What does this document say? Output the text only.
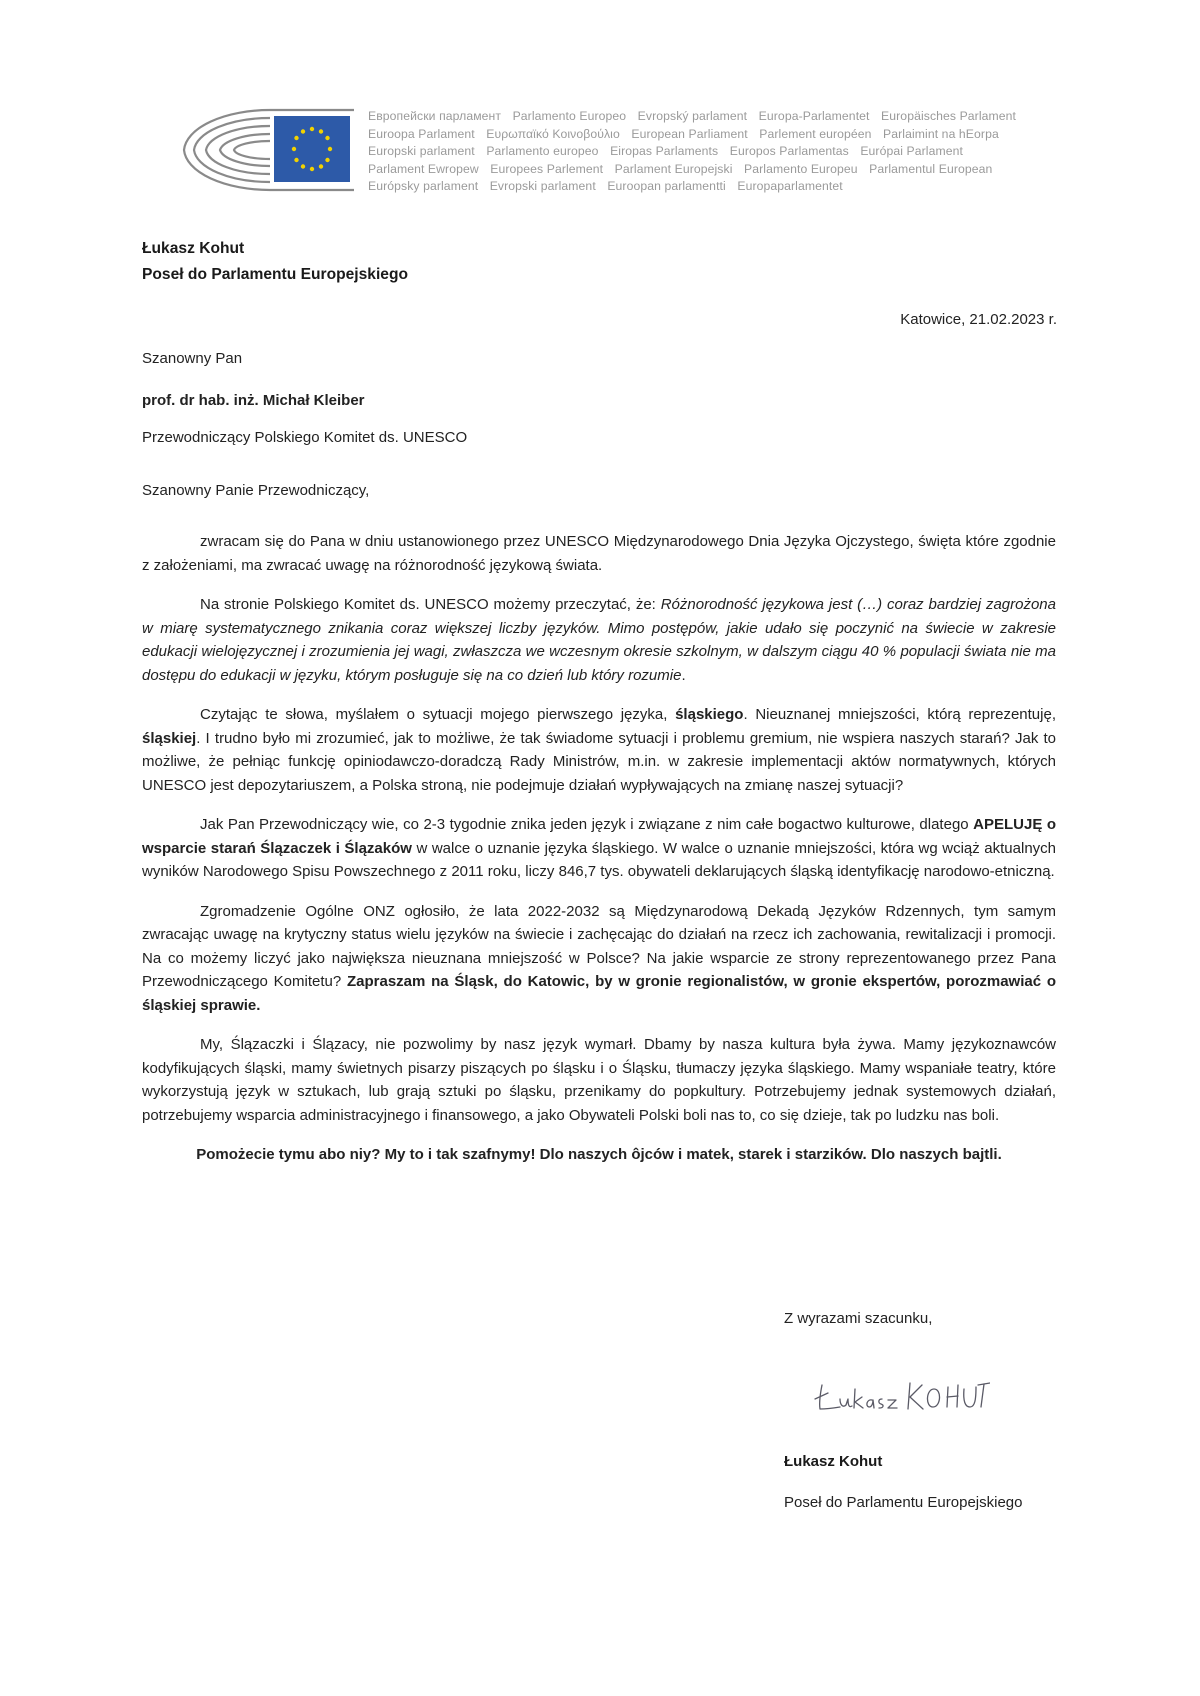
Европейски парламент Parlamento Europeo Evropský parlament Europa-Parlamentet Europäisches Parlament
Euroopa Parlament Ευρωπαϊκό Κοινοβούλιο European Parliament Parlement européen Parlaimint na hEorpa
Europski parlament Parlamento europeo Eiropas Parlaments Europos Parlamentas Európai Parlament
Parlament Ewropew Europees Parlement Parlament Europejski Parlamento Europeu Parlamentul European
Európsky parlament Evropski parlament Euroopan parlamentti Europaparlamentet
Łukasz Kohut
Poseł do Parlamentu Europejskiego
Katowice, 21.02.2023 r.

Szanowny Pan

prof. dr hab. inż. Michał Kleiber

Przewodniczący Polskiego Komitet ds. UNESCO

Szanowny Panie Przewodniczący,

zwracam się do Pana w dniu ustanowionego przez UNESCO Międzynarodowego Dnia Języka Ojczystego, święta które zgodnie z założeniami, ma zwracać uwagę na różnorodność językową świata.

Na stronie Polskiego Komitet ds. UNESCO możemy przeczytać, że: Różnorodność językowa jest (…) coraz bardziej zagrożona w miarę systematycznego znikania coraz większej liczby języków. Mimo postępów, jakie udało się poczynić na świecie w zakresie edukacji wielojęzycznej i zrozumienia jej wagi, zwłaszcza we wczesnym okresie szkolnym, w dalszym ciągu 40 % populacji świata nie ma dostępu do edukacji w języku, którym posługuje się na co dzień lub który rozumie.

Czytając te słowa, myślałem o sytuacji mojego pierwszego języka, śląskiego. Nieuznanej mniejszości, którą reprezentuję, śląskiej. I trudno było mi zrozumieć, jak to możliwe, że tak świadome sytuacji i problemu gremium, nie wspiera naszych starań? Jak to możliwe, że pełniąc funkcję opiniodawczo-doradczą Rady Ministrów, m.in. w zakresie implementacji aktów normatywnych, których UNESCO jest depozytariuszem, a Polska stroną, nie podejmuje działań wypływających na zmianę naszej sytuacji?

Jak Pan Przewodniczący wie, co 2-3 tygodnie znika jeden język i związane z nim całe bogactwo kulturowe, dlatego APELUJĘ o wsparcie starań Ślązaczek i Ślązaków w walce o uznanie języka śląskiego. W walce o uznanie mniejszości, która wg wciąż aktualnych wyników Narodowego Spisu Powszechnego z 2011 roku, liczy 846,7 tys. obywateli deklarujących śląską identyfikację narodowo-etniczną.

Zgromadzenie Ogólne ONZ ogłosiło, że lata 2022-2032 są Międzynarodową Dekadą Języków Rdzennych, tym samym zwracając uwagę na krytyczny status wielu języków na świecie i zachęcając do działań na rzecz ich zachowania, rewitalizacji i promocji. Na co możemy liczyć jako największa nieuznana mniejszość w Polsce? Na jakie wsparcie ze strony reprezentowanego przez Pana Przewodniczącego Komitetu? Zapraszam na Śląsk, do Katowic, by w gronie regionalistów, w gronie ekspertów, porozmawiać o śląskiej sprawie.

My, Ślązaczki i Ślązacy, nie pozwolimy by nasz język wymarł. Dbamy by nasza kultura była żywa. Mamy językoznawców kodyfikujących śląski, mamy świetnych pisarzy piszących po śląsku i o Śląsku, tłumaczy języka śląskiego. Mamy wspaniałe teatry, które wykorzystują język w sztukach, lub grają sztuki po śląsku, przenikamy do popkultury. Potrzebujemy jednak systemowych działań, potrzebujemy wsparcia administracyjnego i finansowego, a jako Obywateli Polski boli nas to, co się dzieje, tak po ludzku nas boli.

Pomożecie tymu abo niy? My to i tak szafnymy! Dlo naszych ôjców i matek, starek i starzików. Dlo naszych bajtli.

Z wyrazami szacunku,
Łukasz Kohut
Poseł do Parlamentu Europejskiego
